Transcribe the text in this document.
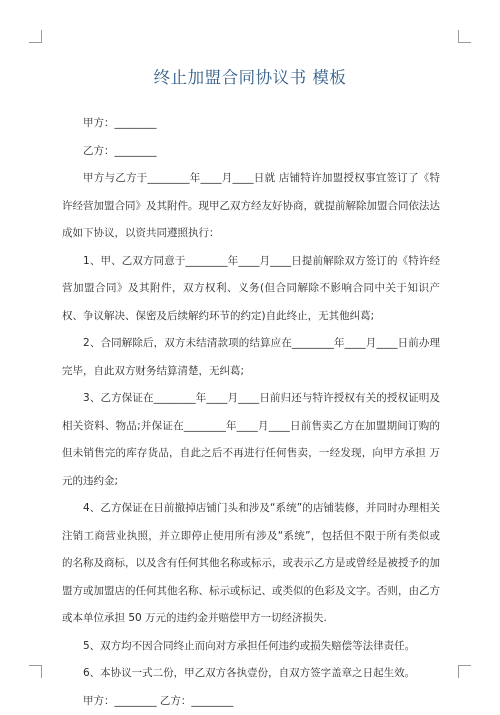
终止加盟合同协议书 模板

甲方：________

乙方：________

甲方与乙方于________年____月____日就 店铺特许加盟授权事宜签订了《特许经营加盟合同》及其附件。现甲乙双方经友好协商，就提前解除加盟合同依法达成如下协议，以资共同遵照执行：

1、甲、乙双方同意于________年____月____日提前解除双方签订的《特许经营加盟合同》及其附件，双方权利、义务(但合同解除不影响合同中关于知识产权、争议解决、保密及后续解约环节的约定)自此终止，无其他纠葛;

2、合同解除后，双方未结清款项的结算应在________年____月____日前办理完毕，自此双方财务结算清楚，无纠葛;

3、乙方保证在________年____月____日前归还与特许授权有关的授权证明及相关资料、物品;并保证在________年____月____日前售卖乙方在加盟期间订购的但未销售完的库存货品，自此之后不再进行任何售卖，一经发现，向甲方承担 万元的违约金;

4、乙方保证在日前撤掉店铺门头和涉及“系统”的店铺装修，并同时办理相关注销工商营业执照，并立即停止使用所有涉及“系统”，包括但不限于所有类似或的名称及商标，以及含有任何其他名称或标示，或表示乙方是或曾经是被授予的加盟方或加盟店的任何其他名称、标示或标记、或类似的色彩及文字。否则，由乙方或本单位承担 50 万元的违约金并赔偿甲方一切经济损失.

5、双方均不因合同终止而向对方承担任何违约或损失赔偿等法律责任。

6、本协议一式二份，甲乙双方各执壹份，自双方签字盖章之日起生效。

甲方：________ 乙方：________
